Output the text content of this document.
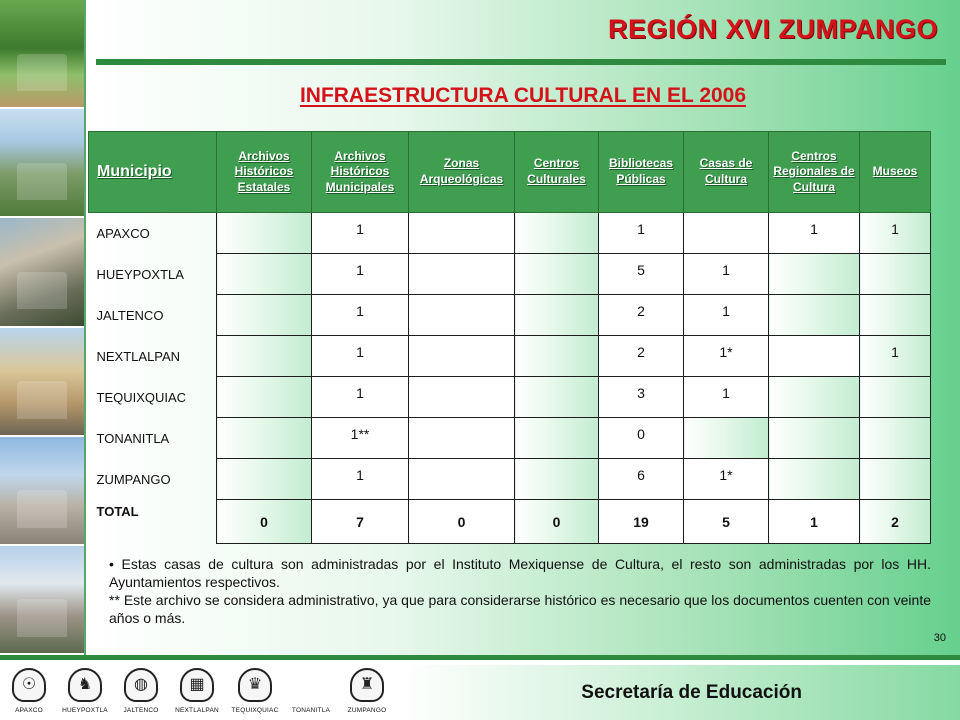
REGIÓN XVI ZUMPANGO
INFRAESTRUCTURA CULTURAL EN EL 2006
Municipio	Archivos Históricos Estatales	Archivos Históricos Municipales	Zonas Arqueológicas	Centros Culturales	Bibliotecas Públicas	Casas de Cultura	Centros Regionales de Cultura	Museos
APAXCO		1			1		1	1
HUEYPOXTLA		1			5	1		
JALTENCO		1			2	1		
NEXTLALPAN		1			2	1*		1
TEQUIXQUIAC		1			3	1		
TONANITLA		1**			0			
ZUMPANGO		1			6	1*		
TOTAL	0	7	0	0	19	5	1	2

• Estas casas de cultura son administradas por el Instituto Mexiquense de Cultura, el resto son administradas por los HH. Ayuntamientos respectivos.

** Este archivo se considera administrativo, ya que para considerarse histórico es necesario que los documentos cuenten con veinte años o más.

30
☉
APAXCO
♞
HUEYPOXTLA
◍
JALTENCO
▦
NEXTLALPAN
♛
TEQUIXQUIAC	TONANITLA
♜
ZUMPANGO
Secretaría de Educación
